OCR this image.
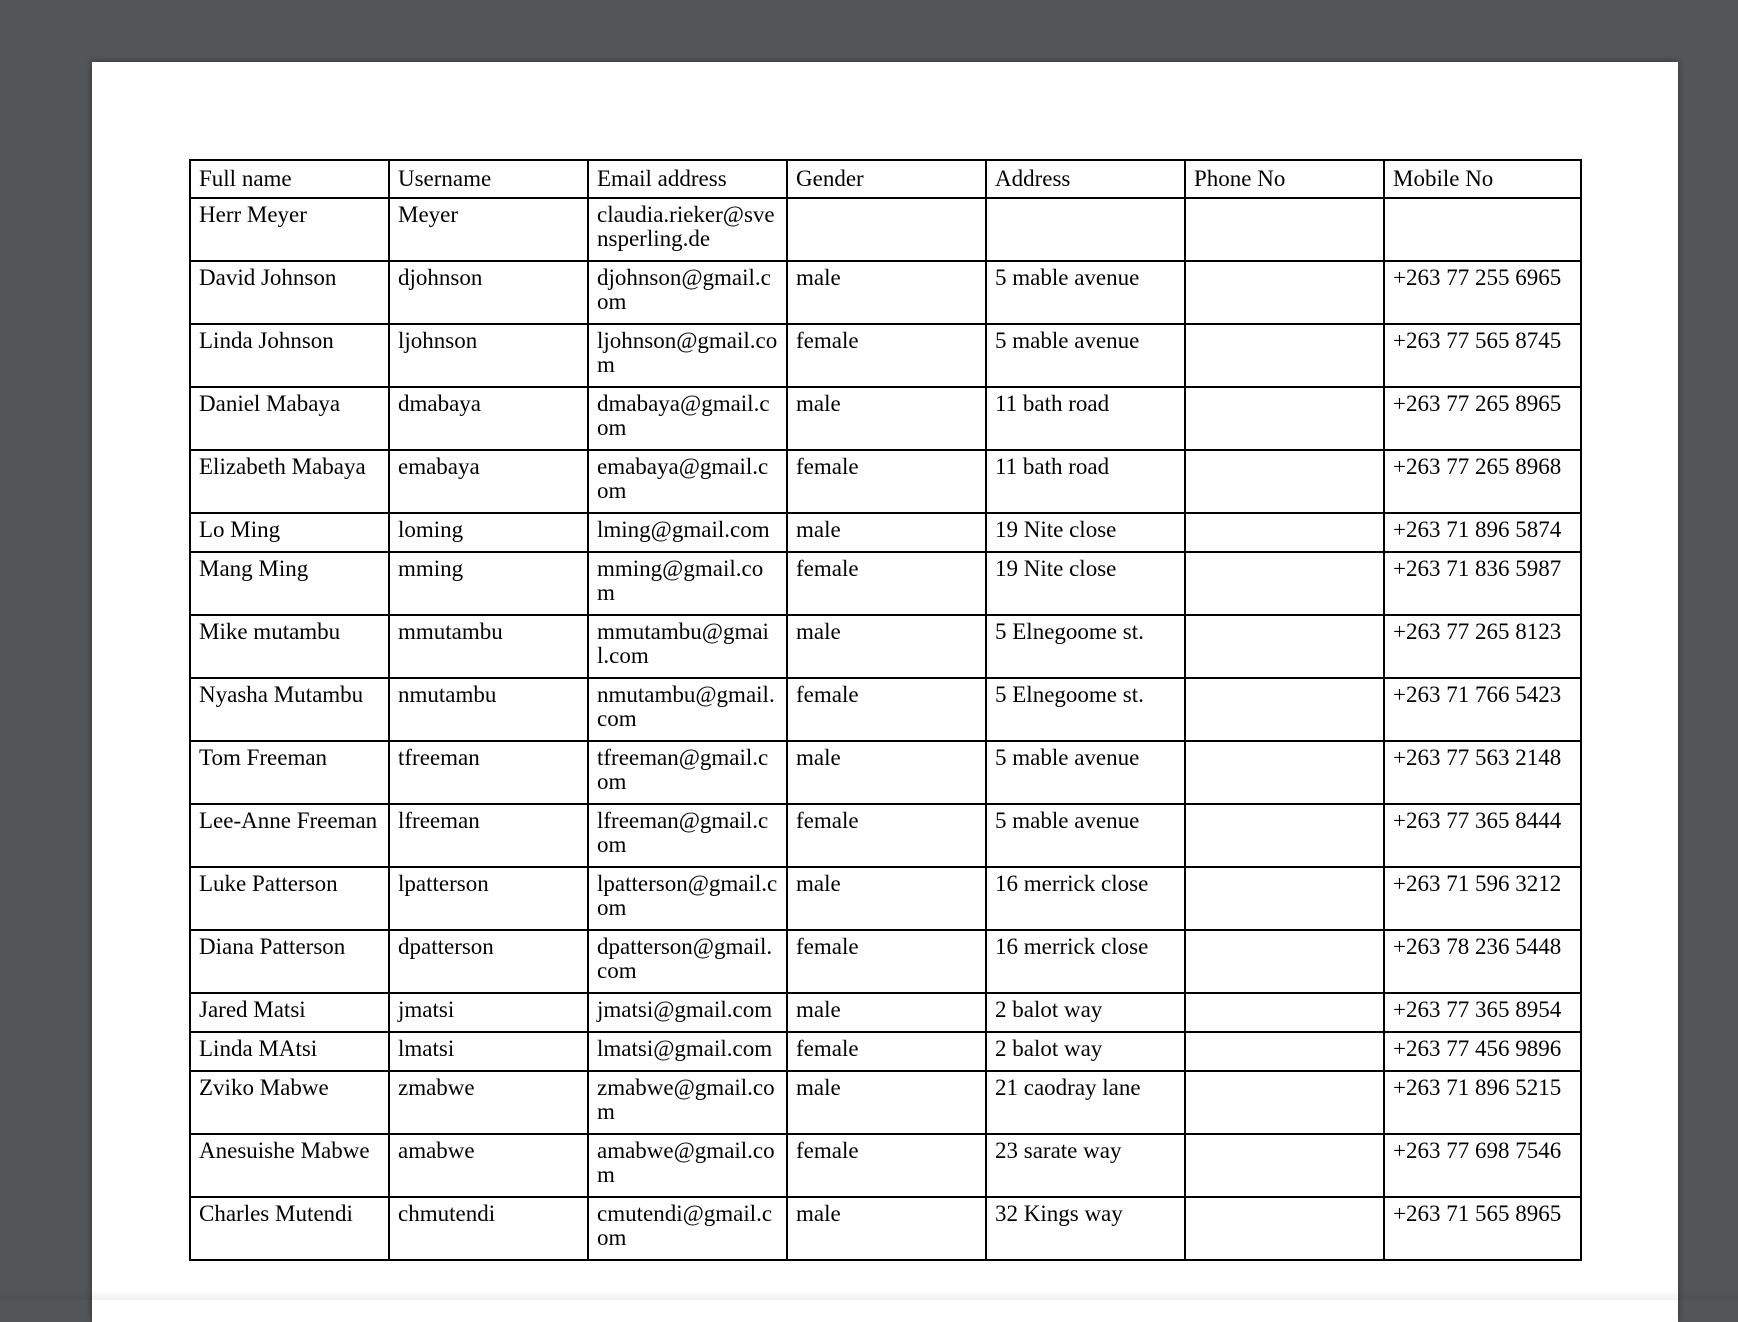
Full name	Username	Email address	Gender	Address	Phone No	Mobile No
Herr Meyer	Meyer	claudia.rieker@svensperling.de				
David Johnson	djohnson	djohnson@gmail.com	male	5 mable avenue		+263 77 255 6965
Linda Johnson	ljohnson	ljohnson@gmail.com	female	5 mable avenue		+263 77 565 8745
Daniel Mabaya	dmabaya	dmabaya@gmail.com	male	11 bath road		+263 77 265 8965
Elizabeth Mabaya	emabaya	emabaya@gmail.com	female	11 bath road		+263 77 265 8968
Lo Ming	loming	lming@gmail.com	male	19 Nite close		+263 71 896 5874
Mang Ming	mming	mming@gmail.com	female	19 Nite close		+263 71 836 5987
Mike mutambu	mmutambu	mmutambu@gmail.com	male	5 Elnegoome st.		+263 77 265 8123
Nyasha Mutambu	nmutambu	nmutambu@gmail.com	female	5 Elnegoome st.		+263 71 766 5423
Tom Freeman	tfreeman	tfreeman@gmail.com	male	5 mable avenue		+263 77 563 2148
Lee-Anne Freeman	lfreeman	lfreeman@gmail.com	female	5 mable avenue		+263 77 365 8444
Luke Patterson	lpatterson	lpatterson@gmail.com	male	16 merrick close		+263 71 596 3212
Diana Patterson	dpatterson	dpatterson@gmail.com	female	16 merrick close		+263 78 236 5448
Jared Matsi	jmatsi	jmatsi@gmail.com	male	2 balot way		+263 77 365 8954
Linda MAtsi	lmatsi	lmatsi@gmail.com	female	2 balot way		+263 77 456 9896
Zviko Mabwe	zmabwe	zmabwe@gmail.com	male	21 caodray lane		+263 71 896 5215
Anesuishe Mabwe	amabwe	amabwe@gmail.com	female	23 sarate way		+263 77 698 7546
Charles Mutendi	chmutendi	cmutendi@gmail.com	male	32 Kings way		+263 71 565 8965
